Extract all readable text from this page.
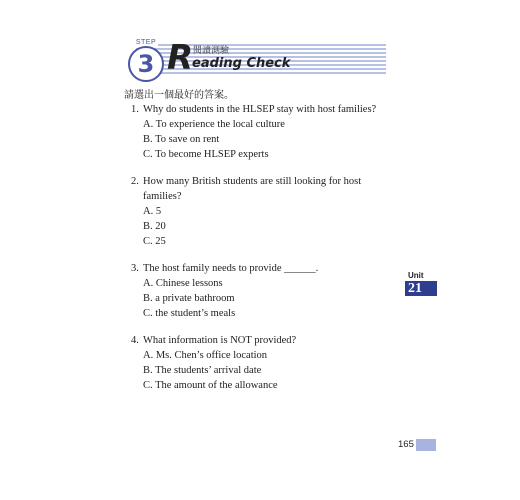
STEP
3 R 閱讀測驗
eading Check
請選出一個最好的答案。
1. Why do students in the HLSEP stay with host families?
A. To experience the local culture
B. To save on rent
C. To become HLSEP experts
2. How many British students are still looking for host families?
A. 5
B. 20
C. 25
3. The host family needs to provide ______.
A. Chinese lessons
B. a private bathroom
C. the student’s meals
4. What information is NOT provided?
A. Ms. Chen’s office location
B. The students’ arrival date
C. The amount of the allowance
Unit
21
165
